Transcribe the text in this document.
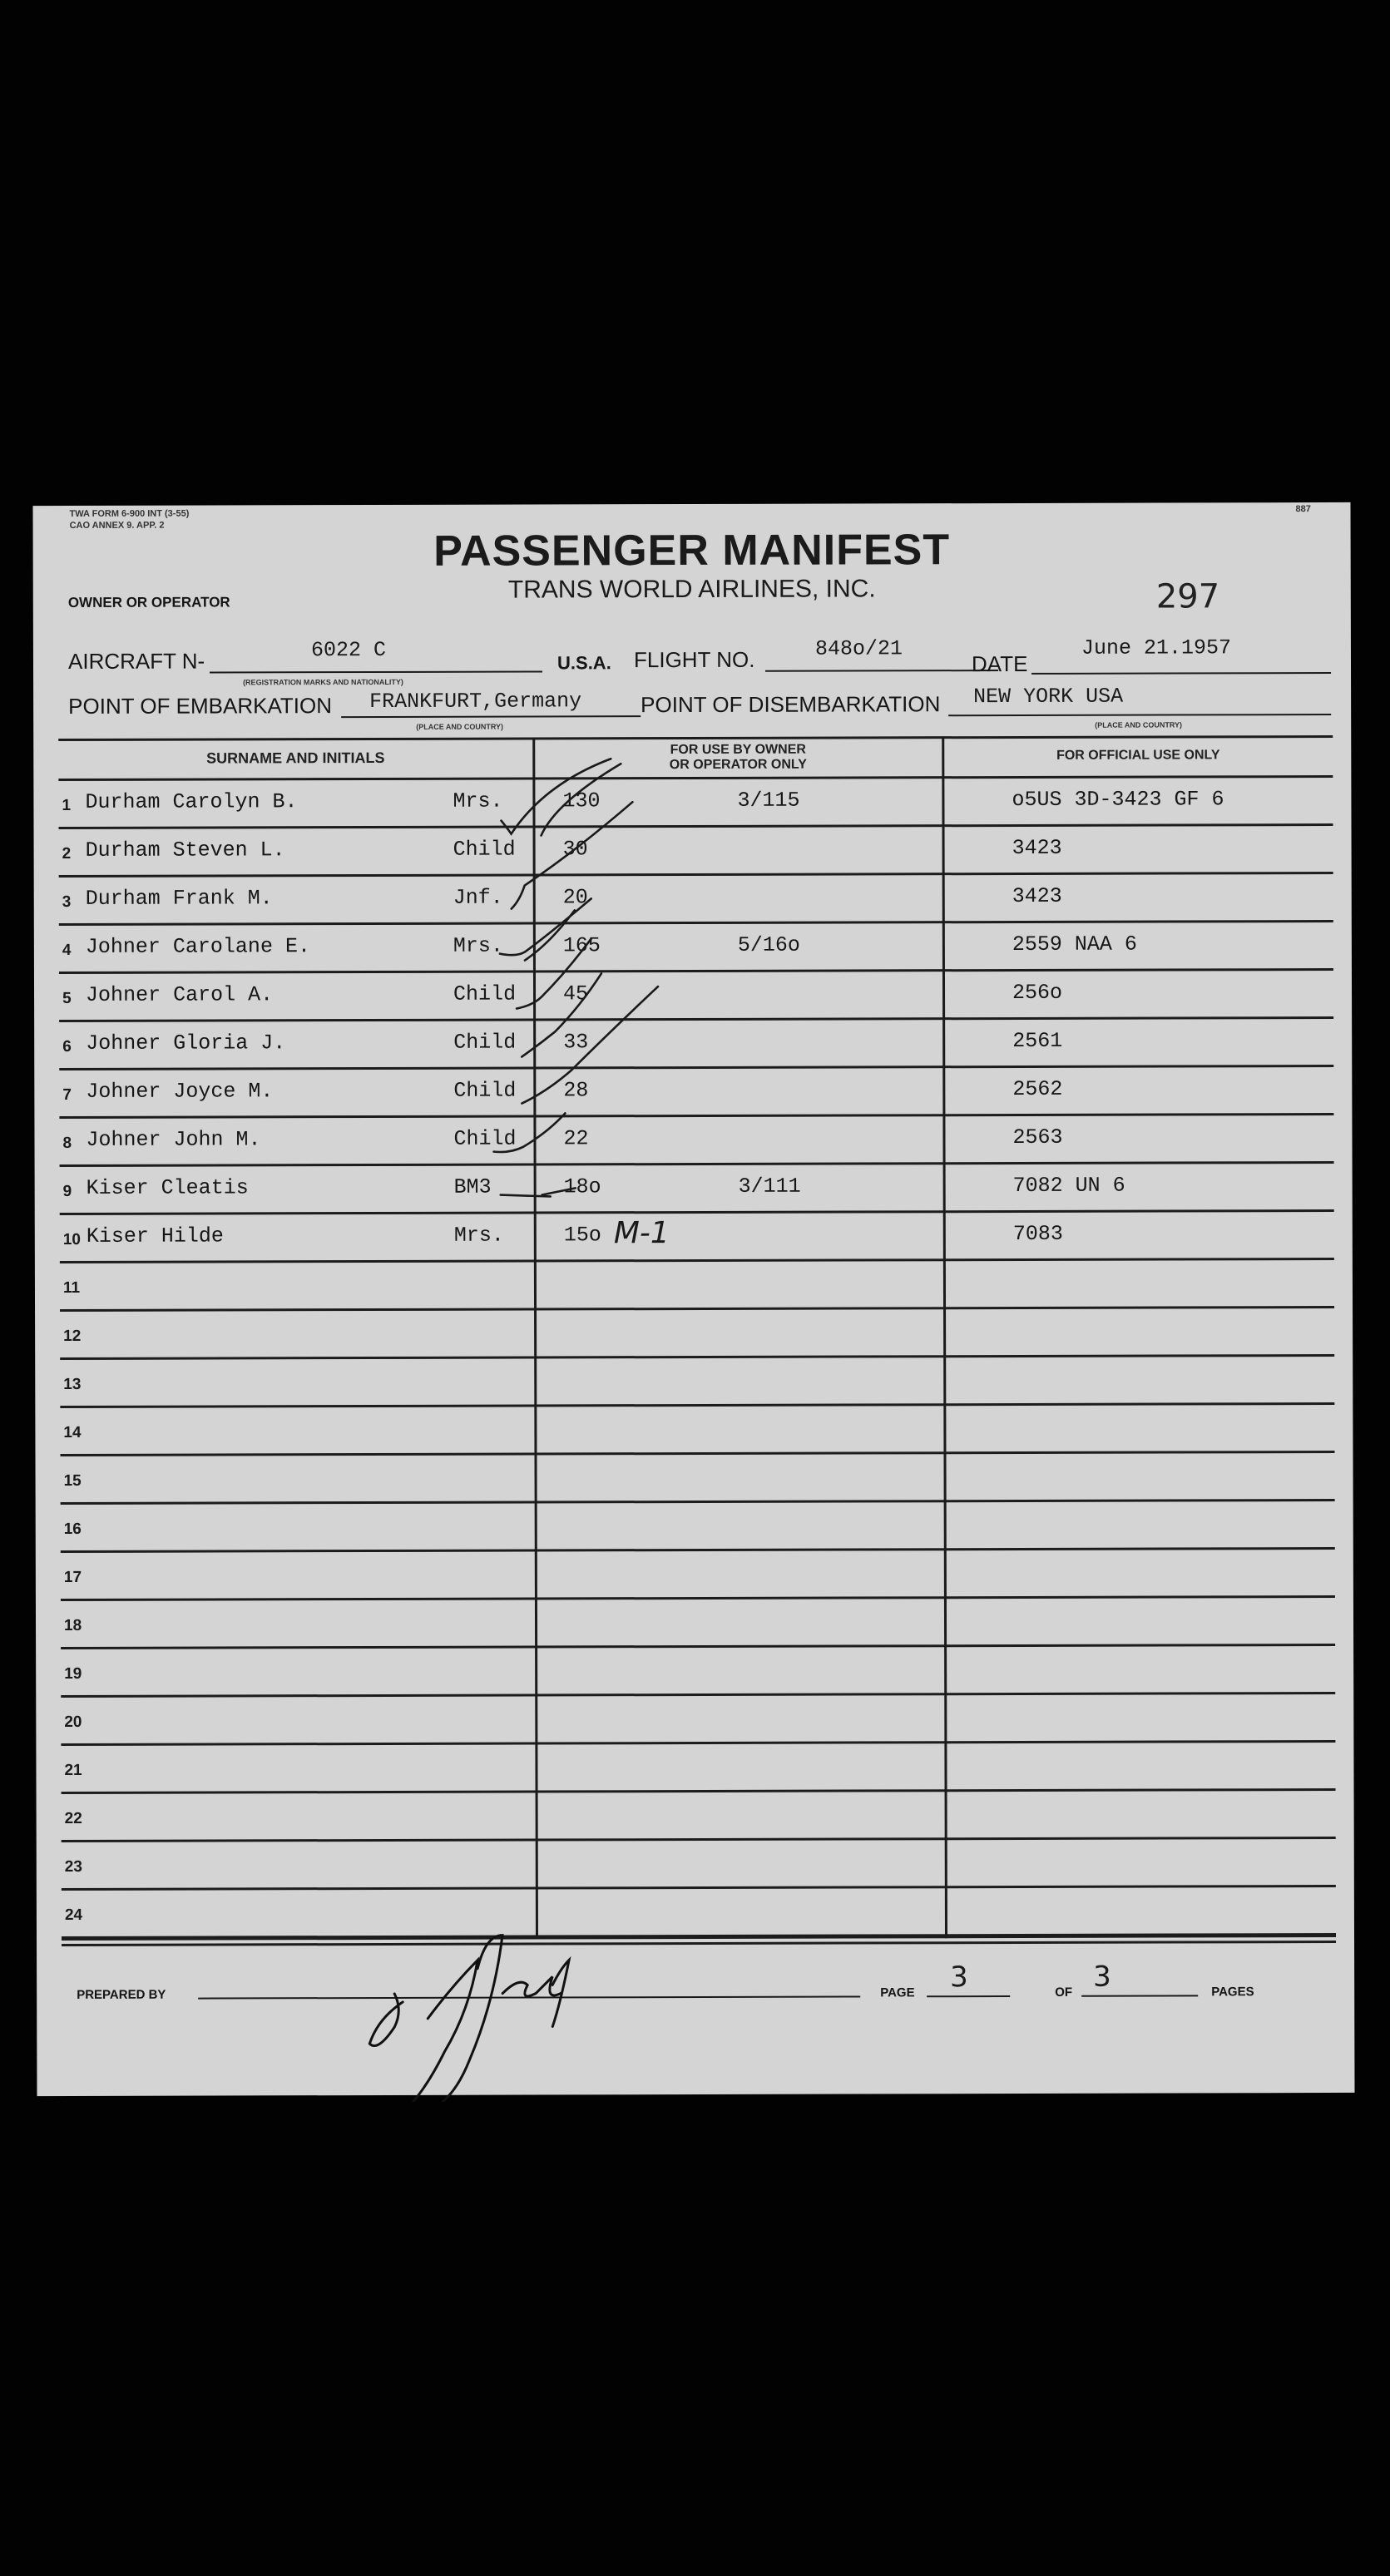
TWA FORM 6-900 INT (3-55)
CAO ANNEX 9. APP. 2
887
PASSENGER MANIFEST
TRANS WORLD AIRLINES, INC.
OWNER OR OPERATOR	297
AIRCRAFT N-	6022 C
(REGISTRATION MARKS AND NATIONALITY)
U.S.A. FLIGHT NO.	848o/21
DATE
June 21.1957
POINT OF EMBARKATION FRANKFURT,Germany
(PLACE AND COUNTRY)
POINT OF DISEMBARKATION NEW YORK USA
(PLACE AND COUNTRY)
SURNAME AND INITIALS	FOR USE BY OWNER
OR OPERATOR ONLY
FOR OFFICIAL USE ONLY
1 Durham Carolyn B.	Mrs.	130	3/115	o5US 3D-3423 GF 6
2 Durham Steven L.	Child 30	3423
3 Durham Frank M.	Jnf.	20	3423
4 Johner Carolane E.	Mrs.	165	5/16o	2559 NAA 6
5 Johner Carol A.	Child 45	256o
6 Johner Gloria J.	Child 33	2561
7 Johner Joyce M.	Child 28	2562
8 Johner John M.	Child 22	2563
9 Kiser Cleatis	BM3	18o	3/111	7082 UN 6
10 Kiser Hilde	Mrs.	15o	7083
11
12
13
14
15
16
17
18
19
20
21
22
23
24
M-1
PREPARED BY	PAGE 3	OF 3	PAGES
